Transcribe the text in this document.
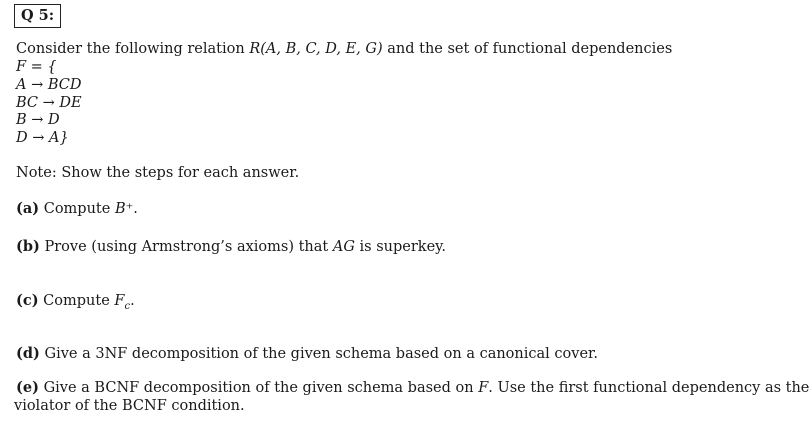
Q 5:
Consider the following relation R(A, B, C, D, E, G) and the set of functional dependencies
F = {
A → BCD
BC → DE
B → D
D → A}
Note: Show the steps for each answer.
(a) Compute B⁺.
(b) Prove (using Armstrong’s axioms) that AG is superkey.
(c) Compute $F_c$.
(d) Give a 3NF decomposition of the given schema based on a canonical cover.
(e) Give a BCNF decomposition of the given schema based on F. Use the first functional dependency as the
violator of the BCNF condition.
